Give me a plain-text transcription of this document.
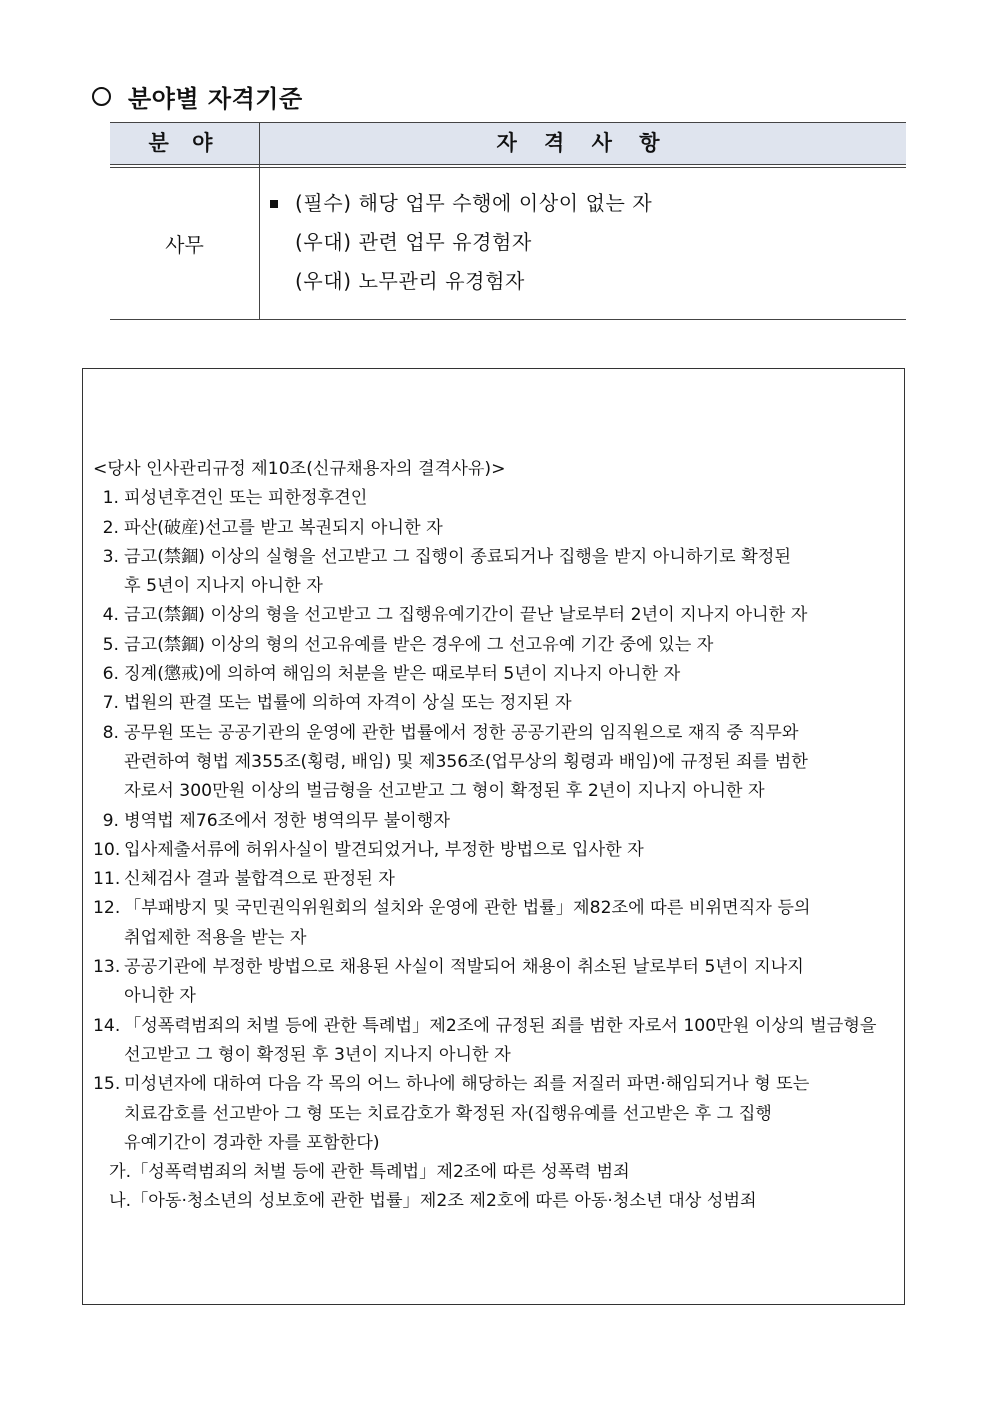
분야별 자격기준
분 야	자 격 사 항
사무
(필수) 해당 업무 수행에 이상이 없는 자
(우대) 관련 업무 유경험자
(우대) 노무관리 유경험자
<당사 인사관리규정 제10조(신규채용자의 결격사유)>
1. 피성년후견인 또는 피한정후견인
2. 파산(破産)선고를 받고 복권되지 아니한 자
3. 금고(禁錮) 이상의 실형을 선고받고 그 집행이 종료되거나 집행을 받지 아니하기로 확정된
후 5년이 지나지 아니한 자
4. 금고(禁錮) 이상의 형을 선고받고 그 집행유예기간이 끝난 날로부터 2년이 지나지 아니한 자
5. 금고(禁錮) 이상의 형의 선고유예를 받은 경우에 그 선고유예 기간 중에 있는 자
6. 징계(懲戒)에 의하여 해임의 처분을 받은 때로부터 5년이 지나지 아니한 자
7. 법원의 판결 또는 법률에 의하여 자격이 상실 또는 정지된 자
8. 공무원 또는 공공기관의 운영에 관한 법률에서 정한 공공기관의 임직원으로 재직 중 직무와
관련하여 형법 제355조(횡령, 배임) 및 제356조(업무상의 횡령과 배임)에 규정된 죄를 범한
자로서 300만원 이상의 벌금형을 선고받고 그 형이 확정된 후 2년이 지나지 아니한 자
9. 병역법 제76조에서 정한 병역의무 불이행자
10. 입사제출서류에 허위사실이 발견되었거나, 부정한 방법으로 입사한 자
11. 신체검사 결과 불합격으로 판정된 자
12. 「부패방지 및 국민권익위원회의 설치와 운영에 관한 법률」제82조에 따른 비위면직자 등의
취업제한 적용을 받는 자
13. 공공기관에 부정한 방법으로 채용된 사실이 적발되어 채용이 취소된 날로부터 5년이 지나지
아니한 자
14. 「성폭력범죄의 처벌 등에 관한 특례법」제2조에 규정된 죄를 범한 자로서 100만원 이상의 벌금형을
선고받고 그 형이 확정된 후 3년이 지나지 아니한 자
15. 미성년자에 대하여 다음 각 목의 어느 하나에 해당하는 죄를 저질러 파면·해임되거나 형 또는
치료감호를 선고받아 그 형 또는 치료감호가 확정된 자(집행유예를 선고받은 후 그 집행
유예기간이 경과한 자를 포함한다)
가.「성폭력범죄의 처벌 등에 관한 특례법」제2조에 따른 성폭력 범죄
나.「아동·청소년의 성보호에 관한 법률」제2조 제2호에 따른 아동·청소년 대상 성범죄
